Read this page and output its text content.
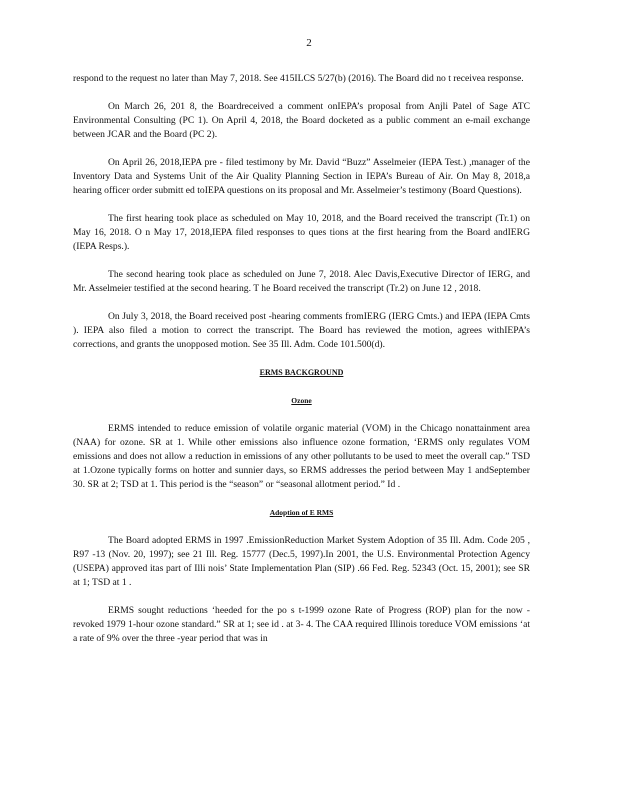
2

respond to the request no later than May 7, 2018. See 415ILCS 5/27(b) (2016). The Board did no t receivea response.

On March 26, 201 8, the Boardreceived a comment onIEPA’s proposal from Anjli Patel of Sage ATC Environmental Consulting (PC 1). On April 4, 2018, the Board docketed as a public comment an e-mail exchange between JCAR and the Board (PC 2).

On April 26, 2018,IEPA pre - filed testimony by Mr. David “Buzz” Asselmeier (IEPA Test.) ,manager of the Inventory Data and Systems Unit of the Air Quality Planning Section in IEPA’s Bureau of Air. On May 8, 2018,a hearing officer order submitt ed toIEPA questions on its proposal and Mr. Asselmeier’s testimony (Board Questions).

The first hearing took place as scheduled on May 10, 2018, and the Board received the transcript (Tr.1) on May 16, 2018. O n May 17, 2018,IEPA filed responses to ques tions at the first hearing from the Board andIERG (IEPA Resps.).

The second hearing took place as scheduled on June 7, 2018. Alec Davis,Executive Director of IERG, and Mr. Asselmeier testified at the second hearing. T he Board received the transcript (Tr.2) on June 12 , 2018.

On July 3, 2018, the Board received post -hearing comments fromIERG (IERG Cmts.) and IEPA (IEPA Cmts ). IEPA also filed a motion to correct the transcript. The Board has reviewed the motion, agrees withIEPA’s corrections, and grants the unopposed motion. See 35 Ill. Adm. Code 101.500(d).

ERMS BACKGROUND
Ozone

ERMS intended to reduce emission of volatile organic material (VOM) in the Chicago nonattainment area (NAA) for ozone. SR at 1. While other emissions also influence ozone formation, ‘ERMS only regulates VOM emissions and does not allow a reduction in emissions of any other pollutants to be used to meet the overall cap.” TSD at 1.Ozone typically forms on hotter and sunnier days, so ERMS addresses the period between May 1 andSeptember 30. SR at 2; TSD at 1. This period is the “season” or “seasonal allotment period.” Id .

Adoption of E RMS

The Board adopted ERMS in 1997 .EmissionReduction Market System Adoption of 35 Ill. Adm. Code 205 , R97 -13 (Nov. 20, 1997); see 21 Ill. Reg. 15777 (Dec.5, 1997).In 2001, the U.S. Environmental Protection Agency (USEPA) approved itas part of Illi nois’ State Implementation Plan (SIP) .66 Fed. Reg. 52343 (Oct. 15, 2001); see SR at 1; TSD at 1 .

ERMS sought reductions ‘heeded for the po s t-1999 ozone Rate of Progress (ROP) plan for the now -revoked 1979 1-hour ozone standard.” SR at 1; see id . at 3- 4. The CAA required Illinois toreduce VOM emissions ‘at a rate of 9% over the three -year period that was in
